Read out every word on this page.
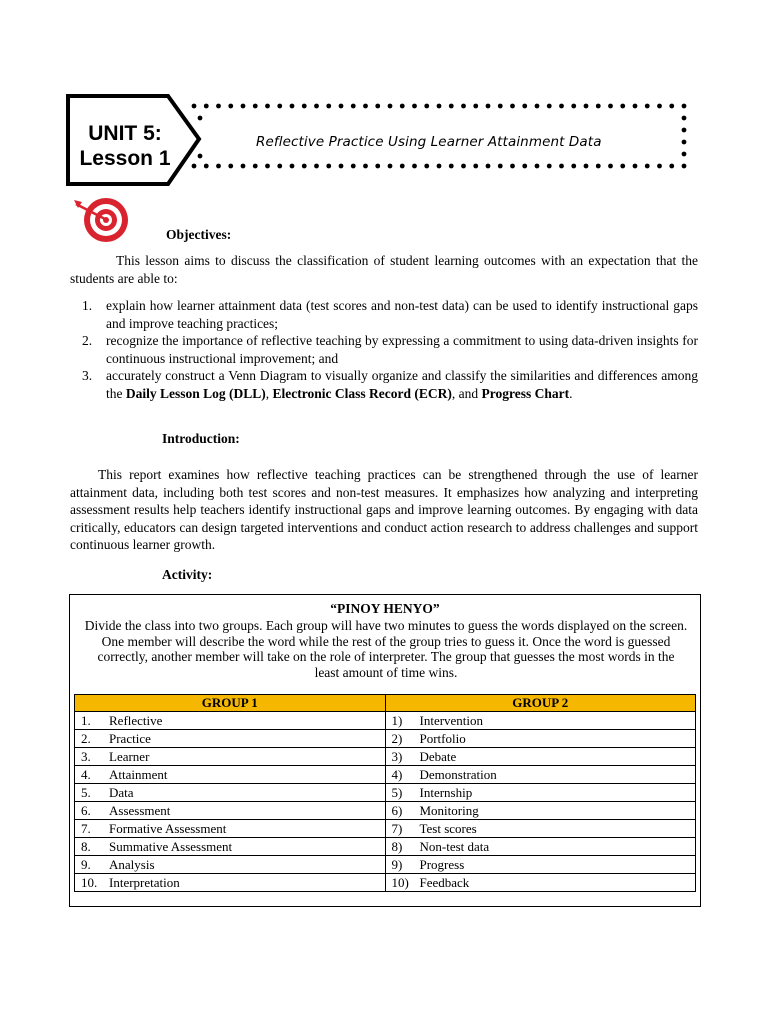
UNIT 5:
Lesson 1
Reflective Practice Using Learner Attainment Data
Objectives:
This lesson aims to discuss the classification of student learning outcomes with an expectation that the students are able to:
1.	explain how learner attainment data (test scores and non-test data) can be used to identify instructional gaps and improve teaching practices;
2.	recognize the importance of reflective teaching by expressing a commitment to using data-driven insights for continuous instructional improvement; and
3.	accurately construct a Venn Diagram to visually organize and classify the similarities and differences among the Daily Lesson Log (DLL), Electronic Class Record (ECR), and Progress Chart.
Introduction:
This report examines how reflective teaching practices can be strengthened through the use of learner attainment data, including both test scores and non-test measures. It emphasizes how analyzing and interpreting assessment results help teachers identify instructional gaps and improve learning outcomes. By engaging with data critically, educators can design targeted interventions and conduct action research to address challenges and support continuous learner growth.
Activity:
“PINOY HENYO”
Divide the class into two groups. Each group will have two minutes to guess the words displayed on the screen. One member will describe the word while the rest of the group tries to guess it. Once the word is guessed correctly, another member will take on the role of interpreter. The group that guesses the most words in the least amount of time wins.
GROUP 1	GROUP 2
1. Reflective	1) Intervention
2. Practice	2) Portfolio
3. Learner	3) Debate
4. Attainment	4) Demonstration
5. Data	5) Internship
6. Assessment	6) Monitoring
7. Formative Assessment	7) Test scores
8. Summative Assessment	8) Non-test data
9. Analysis	9) Progress
10. Interpretation	10) Feedback
